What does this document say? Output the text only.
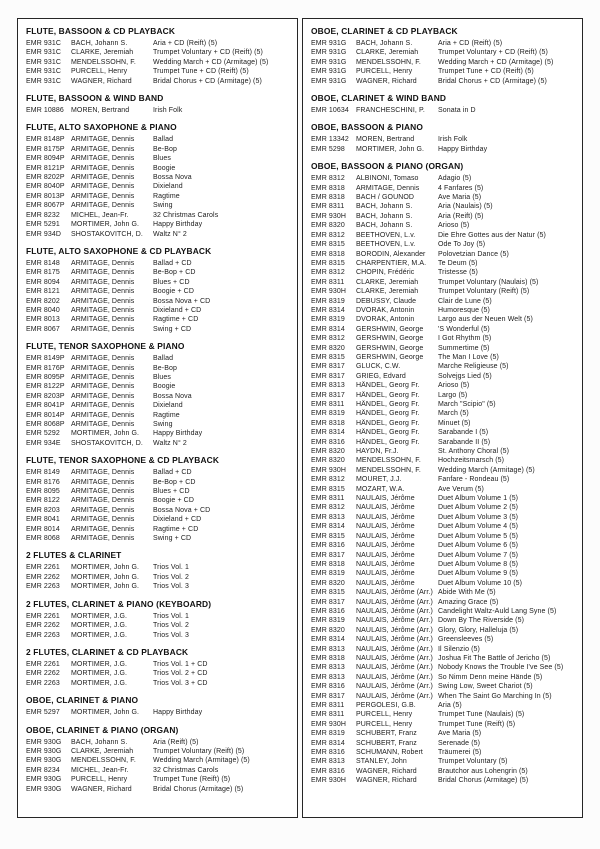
FLUTE, BASSOON & CD PLAYBACK
EMR 931C	BACH, Johann S.	Aria + CD (Reift) (5)
EMR 931C	CLARKE, Jeremiah	Trumpet Voluntary + CD (Reift) (5)
EMR 931C	MENDELSSOHN, F.	Wedding March + CD (Armitage) (5)
EMR 931C	PURCELL, Henry	Trumpet Tune + CD (Reift) (5)
EMR 931C	WAGNER, Richard	Bridal Chorus + CD (Armitage) (5)
FLUTE, BASSOON & WIND BAND
EMR 10886	MOREN, Bertrand	Irish Folk
FLUTE, ALTO SAXOPHONE & PIANO
EMR 8148P ARMITAGE, Dennis	Ballad
EMR 8175P ARMITAGE, Dennis	Be-Bop
EMR 8094P ARMITAGE, Dennis	Blues
EMR 8121P ARMITAGE, Dennis	Boogie
EMR 8202P ARMITAGE, Dennis	Bossa Nova
EMR 8040P ARMITAGE, Dennis	Dixieland
EMR 8013P ARMITAGE, Dennis	Ragtime
EMR 8067P ARMITAGE, Dennis	Swing
EMR 8232	MICHEL, Jean-Fr.	32 Christmas Carols
EMR 5291	MORTIMER, John G.	Happy Birthday
EMR 934D	SHOSTAKOVITCH, D.	Waltz N° 2
FLUTE, ALTO SAXOPHONE & CD PLAYBACK
EMR 8148	ARMITAGE, Dennis	Ballad + CD
EMR 8175	ARMITAGE, Dennis	Be-Bop + CD
EMR 8094	ARMITAGE, Dennis	Blues + CD
EMR 8121	ARMITAGE, Dennis	Boogie + CD
EMR 8202	ARMITAGE, Dennis	Bossa Nova + CD
EMR 8040	ARMITAGE, Dennis	Dixieland + CD
EMR 8013	ARMITAGE, Dennis	Ragtime + CD
EMR 8067	ARMITAGE, Dennis	Swing + CD
FLUTE, TENOR SAXOPHONE & PIANO
EMR 8149P ARMITAGE, Dennis	Ballad
EMR 8176P ARMITAGE, Dennis	Be-Bop
EMR 8095P ARMITAGE, Dennis	Blues
EMR 8122P ARMITAGE, Dennis	Boogie
EMR 8203P ARMITAGE, Dennis	Bossa Nova
EMR 8041P ARMITAGE, Dennis	Dixieland
EMR 8014P ARMITAGE, Dennis	Ragtime
EMR 8068P ARMITAGE, Dennis	Swing
EMR 5292	MORTIMER, John G.	Happy Birthday
EMR 934E	SHOSTAKOVITCH, D.	Waltz N° 2
FLUTE, TENOR SAXOPHONE & CD PLAYBACK
EMR 8149	ARMITAGE, Dennis	Ballad + CD
EMR 8176	ARMITAGE, Dennis	Be-Bop + CD
EMR 8095	ARMITAGE, Dennis	Blues + CD
EMR 8122	ARMITAGE, Dennis	Boogie + CD
EMR 8203	ARMITAGE, Dennis	Bossa Nova + CD
EMR 8041	ARMITAGE, Dennis	Dixieland + CD
EMR 8014	ARMITAGE, Dennis	Ragtime + CD
EMR 8068	ARMITAGE, Dennis	Swing + CD
2 FLUTES & CLARINET
EMR 2261	MORTIMER, John G.	Trios Vol. 1
EMR 2262	MORTIMER, John G.	Trios Vol. 2
EMR 2263	MORTIMER, John G.	Trios Vol. 3
2 FLUTES, CLARINET & PIANO (KEYBOARD)
EMR 2261	MORTIMER, J.G.	Trios Vol. 1
EMR 2262	MORTIMER, J.G.	Trios Vol. 2
EMR 2263	MORTIMER, J.G.	Trios Vol. 3
2 FLUTES, CLARINET & CD PLAYBACK
EMR 2261	MORTIMER, J.G.	Trios Vol. 1 + CD
EMR 2262	MORTIMER, J.G.	Trios Vol. 2 + CD
EMR 2263	MORTIMER, J.G.	Trios Vol. 3 + CD
OBOE, CLARINET & PIANO
EMR 5297	MORTIMER, John G.	Happy Birthday
OBOE, CLARINET & PIANO (ORGAN)
EMR 930G	BACH, Johann S.	Aria (Reift) (5)
EMR 930G	CLARKE, Jeremiah	Trumpet Voluntary (Reift) (5)
EMR 930G	MENDELSSOHN, F.	Wedding March (Armitage) (5)
EMR 8234	MICHEL, Jean-Fr.	32 Christmas Carols
EMR 930G	PURCELL, Henry	Trumpet Tune (Reift) (5)
EMR 930G	WAGNER, Richard	Bridal Chorus (Armitage) (5)
OBOE, CLARINET & CD PLAYBACK
EMR 931G	BACH, Johann S.	Aria + CD (Reift) (5)
EMR 931G	CLARKE, Jeremiah	Trumpet Voluntary + CD (Reift) (5)
EMR 931G	MENDELSSOHN, F.	Wedding March + CD (Armitage) (5)
EMR 931G	PURCELL, Henry	Trumpet Tune + CD (Reift) (5)
EMR 931G	WAGNER, Richard	Bridal Chorus + CD (Armitage) (5)
OBOE, CLARINET & WIND BAND
EMR 10634	FRANCHESCHINI, P.	Sonata in D
OBOE, BASSOON & PIANO
EMR 13342	MOREN, Bertrand	Irish Folk
EMR 5298	MORTIMER, John G.	Happy Birthday
OBOE, BASSOON & PIANO (ORGAN)
EMR 8312	ALBINONI, Tomaso	Adagio (5)
EMR 8318	ARMITAGE, Dennis	4 Fanfares (5)
EMR 8318	BACH / GOUNOD	Ave Maria (5)
EMR 8311	BACH, Johann S.	Aria (Naulais) (5)
EMR 930H	BACH, Johann S.	Aria (Reift) (5)
EMR 8320	BACH, Johann S.	Arioso (5)
EMR 8312	BEETHOVEN, L.v.	Die Ehre Gottes aus der Natur (5)
EMR 8315	BEETHOVEN, L.v.	Ode To Joy (5)
EMR 8318	BORODIN, Alexander	Polovetzian Dance (5)
EMR 8315	CHARPENTIER, M.A.	Te Deum (5)
EMR 8312	CHOPIN, Frédéric	Tristesse (5)
EMR 8311	CLARKE, Jeremiah	Trumpet Voluntary (Naulais) (5)
EMR 930H	CLARKE, Jeremiah	Trumpet Voluntary (Reift) (5)
EMR 8319	DEBUSSY, Claude	Clair de Lune (5)
EMR 8314	DVORAK, Antonin	Humoresque (5)
EMR 8319	DVORAK, Antonin	Largo aus der Neuen Welt (5)
EMR 8314	GERSHWIN, George	'S Wonderful (5)
EMR 8312	GERSHWIN, George	I Got Rhythm (5)
EMR 8320	GERSHWIN, George	Summertime (5)
EMR 8315	GERSHWIN, George	The Man I Love (5)
EMR 8317	GLUCK, C.W.	Marche Religieuse (5)
EMR 8317	GRIEG, Edvard	Solvejgs Lied (5)
EMR 8313	HÄNDEL, Georg Fr.	Arioso (5)
EMR 8317	HÄNDEL, Georg Fr.	Largo (5)
EMR 8311	HÄNDEL, Georg Fr.	March "Scipio" (5)
EMR 8319	HÄNDEL, Georg Fr.	March (5)
EMR 8318	HÄNDEL, Georg Fr.	Minuet (5)
EMR 8314	HÄNDEL, Georg Fr.	Sarabande I (5)
EMR 8316	HÄNDEL, Georg Fr.	Sarabande II (5)
EMR 8320	HAYDN, Fr.J.	St. Anthony Choral (5)
EMR 8320	MENDELSSOHN, F.	Hochzeitsmarsch (5)
EMR 930H	MENDELSSOHN, F.	Wedding March (Armitage) (5)
EMR 8312	MOURET, J.J.	Fanfare - Rondeau (5)
EMR 8315	MOZART, W.A.	Ave Verum (5)
EMR 8311	NAULAIS, Jérôme	Duet Album Volume 1 (5)
EMR 8312	NAULAIS, Jérôme	Duet Album Volume 2 (5)
EMR 8313	NAULAIS, Jérôme	Duet Album Volume 3 (5)
EMR 8314	NAULAIS, Jérôme	Duet Album Volume 4 (5)
EMR 8315	NAULAIS, Jérôme	Duet Album Volume 5 (5)
EMR 8316	NAULAIS, Jérôme	Duet Album Volume 6 (5)
EMR 8317	NAULAIS, Jérôme	Duet Album Volume 7 (5)
EMR 8318	NAULAIS, Jérôme	Duet Album Volume 8 (5)
EMR 8319	NAULAIS, Jérôme	Duet Album Volume 9 (5)
EMR 8320	NAULAIS, Jérôme	Duet Album Volume 10 (5)
EMR 8315	NAULAIS, Jérôme (Arr.) Abide With Me (5)
EMR 8317	NAULAIS, Jérôme (Arr.) Amazing Grace (5)
EMR 8316	NAULAIS, Jérôme (Arr.) Candelight Waltz-Auld Lang Syne (5)
EMR 8319	NAULAIS, Jérôme (Arr.) Down By The Riverside (5)
EMR 8320	NAULAIS, Jérôme (Arr.) Glory, Glory, Halleluja (5)
EMR 8314	NAULAIS, Jérôme (Arr.) Greensleeves (5)
EMR 8313	NAULAIS, Jérôme (Arr.) Il Silenzio (5)
EMR 8318	NAULAIS, Jérôme (Arr.) Joshua Fit The Battle of Jericho (5)
EMR 8313	NAULAIS, Jérôme (Arr.) Nobody Knows the Trouble I've See (5)
EMR 8313	NAULAIS, Jérôme (Arr.) So Nimm Denn meine Hände (5)
EMR 8316	NAULAIS, Jérôme (Arr.) Swing Low, Sweet Chariot (5)
EMR 8317	NAULAIS, Jérôme (Arr.) When The Saint Go Marching In (5)
EMR 8311	PERGOLESI, G.B.	Aria (5)
EMR 8311	PURCELL, Henry	Trumpet Tune (Naulais) (5)
EMR 930H	PURCELL, Henry	Trumpet Tune (Reift) (5)
EMR 8319	SCHUBERT, Franz	Ave Maria (5)
EMR 8314	SCHUBERT, Franz	Serenade (5)
EMR 8316	SCHUMANN, Robert	Träumerei (5)
EMR 8313	STANLEY, John	Trumpet Voluntary (5)
EMR 8316	WAGNER, Richard	Brautchor aus Lohengrin (5)
EMR 930H	WAGNER, Richard	Bridal Chorus (Armitage) (5)
